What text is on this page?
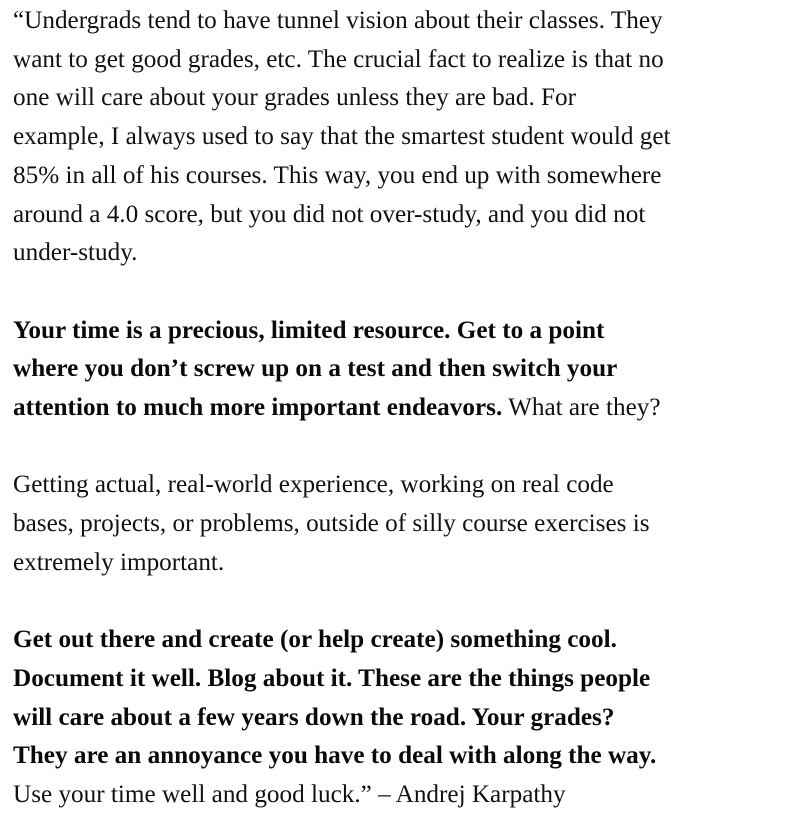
“Undergrads tend to have tunnel vision about their classes. They
want to get good grades, etc. The crucial fact to realize is that no
one will care about your grades unless they are bad. For
example, I always used to say that the smartest student would get
85% in all of his courses. This way, you end up with somewhere
around a 4.0 score, but you did not over-study, and you did not
under-study.
Your time is a precious, limited resource. Get to a point
where you don’t screw up on a test and then switch your
attention to much more important endeavors. What are they?
Getting actual, real-world experience, working on real code
bases, projects, or problems, outside of silly course exercises is
extremely important.
Get out there and create (or help create) something cool.
Document it well. Blog about it. These are the things people
will care about a few years down the road. Your grades?
They are an annoyance you have to deal with along the way.
Use your time well and good luck.” – Andrej Karpathy
